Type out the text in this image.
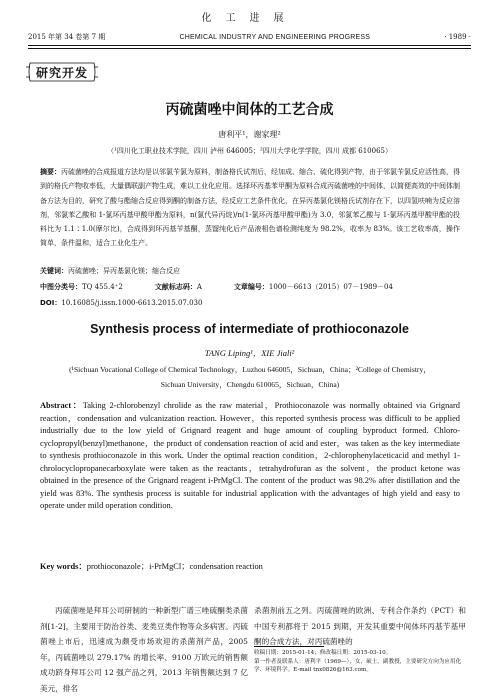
化工进展
2015 年第 34 卷第 7 期	CHEMICAL INDUSTRY AND ENGINEERING PROGRESS	· 1989 ·
研究开发
丙硫菌唑中间体的工艺合成
唐利平¹，谢家理²
（¹四川化工职业技术学院，四川 泸州 646005；²四川大学化学学院，四川 成都 610065）
摘要：丙硫菌唑的合成报道方法均是以邻氯苄氯为原料，制备格氏试剂后，经加成、缩合、硫化得到产物，由于邻氯苄氯反应活性高，得到的格氏产物收率低，大量偶联副产物生成，难以工业化应用。选择环丙基苯甲酮为原料合成丙硫菌唑的中间体，以简便高效的中间体制备方法为目的，研究了酸与酯缩合反应得到酮的制备方法，经反应工艺条件优化，在异丙基氯化镁格氏试剂存在下，以四氢呋喃为反应溶剂，邻氯苯乙酸和 1-氯环丙基甲酸甲酯为原料，n(氯代异丙烷)/n(1-氯环丙基甲酸甲酯)为 3.0，邻氯苯乙酸与 1-氯环丙基甲酸甲酯的投料比为 1.1∶1.0(摩尔比)，合成得到环丙基苄基酮，蒸馏纯化后产品液相色谱检测纯度为 98.2%，收率为 83%。该工艺收率高，操作简单，条件温和，适合工业化生产。
关键词：丙硫菌唑；异丙基氯化镁；缩合反应
中图分类号：TQ 455.4⁺2	文献标志码：A	文章编号：1000－6613（2015）07－1989－04
DOI：10.16085/j.issn.1000-6613.2015.07.030
Synthesis process of intermediate of prothioconazole
TANG Liping¹，XIE Jiali²
(¹Sichuan Vocational College of Chemical Technology，Luzhou 646005，Sichuan，China；²College of Chemistry，Sichuan University，Chengdu 610065，Sichuan，China)
Abstract：Taking 2-chlorobenzyl chrolide as the raw material，Prothioconazole was normally obtained via Grignard reaction，condensation and vulcanization reaction. However，this reported synthesis process was difficult to be applied industrially due to the low yield of Grignard reagent and huge amount of coupling byproduct formed. Chloro-cyclopropyl(benzyl)methanone，the product of condensation reaction of acid and ester，was taken as the key intermediate to synthesis prothioconazole in this work. Under the optimal reaction condition，2-chlorophenylaceticacid and methyl 1-chrolocyclopropanecarboxylate were taken as the reactants，tetrahydrofuran as the solvent，the product ketone was obtained in the presence of the Grignard reagent i-PrMgCl. The content of the product was 98.2% after distillation and the yield was 83%. The synthesis process is suitable for industrial application with the advantages of high yield and easy to operate under mild operation condition.
Key words：prothioconazole；i-PrMgCl；condensation reaction
丙硫菌唑是拜耳公司研制的一种新型广谱三唑硫酮类杀菌剂[1-2]，主要用于防治谷类、麦类豆类作物等众多病害。丙硫菌唑上市后，迅速成为颇受市场欢迎的杀菌剂产品，2005 年，丙硫菌唑以 279.17% 的增长率、9100 万欧元的销售额成功跻身拜耳公司 12 强产品之列，2013 年销售额达到 7 亿美元，排名
杀菌剂前五之列。丙硫菌唑的欧洲、专利合作条约（PCT）和中国专利都将于 2015 到期，开发其重要中间体环丙基苄基甲酮的合成方法，对丙硫菌唑的
收稿日期：2015-01-14；修改稿日期：2015-03-10。
第一作者及联系人：唐利平（1969—），女，硕士，副教授，主要研究方向为应用化学、环境科学。E-mail tnx0826@163.com。
